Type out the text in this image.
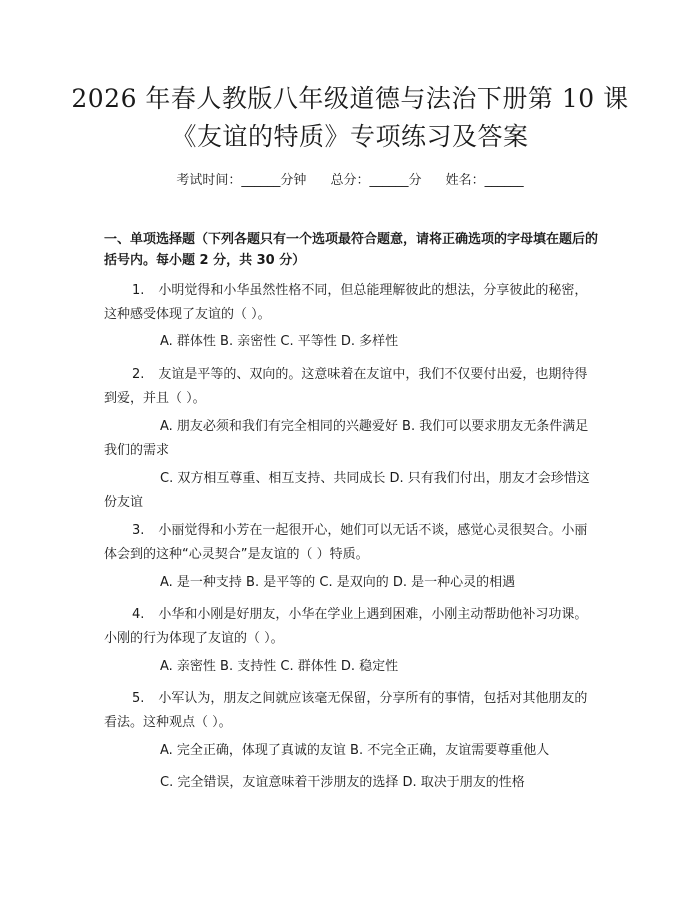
2026 年春人教版八年级道德与法治下册第 10 课《友谊的特质》专项练习及答案
考试时间：______分钟 总分：______分 姓名：______
一、单项选择题（下列各题只有一个选项最符合题意，请将正确选项的字母填在题后的括号内。每小题 2 分，共 30 分）
1. 小明觉得和小华虽然性格不同，但总能理解彼此的想法，分享彼此的秘密，这种感受体现了友谊的（ ）。
A. 群体性 B. 亲密性 C. 平等性 D. 多样性
2. 友谊是平等的、双向的。这意味着在友谊中，我们不仅要付出爱，也期待得到爱，并且（ ）。
A. 朋友必须和我们有完全相同的兴趣爱好 B. 我们可以要求朋友无条件满足我们的需求
C. 双方相互尊重、相互支持、共同成长 D. 只有我们付出，朋友才会珍惜这份友谊
3. 小丽觉得和小芳在一起很开心，她们可以无话不谈，感觉心灵很契合。小丽体会到的这种“心灵契合”是友谊的（ ）特质。
A. 是一种支持 B. 是平等的 C. 是双向的 D. 是一种心灵的相遇
4. 小华和小刚是好朋友，小华在学业上遇到困难，小刚主动帮助他补习功课。小刚的行为体现了友谊的（ ）。
A. 亲密性 B. 支持性 C. 群体性 D. 稳定性
5. 小军认为，朋友之间就应该毫无保留，分享所有的事情，包括对其他朋友的看法。这种观点（ ）。
A. 完全正确，体现了真诚的友谊 B. 不完全正确，友谊需要尊重他人
C. 完全错误，友谊意味着干涉朋友的选择 D. 取决于朋友的性格
